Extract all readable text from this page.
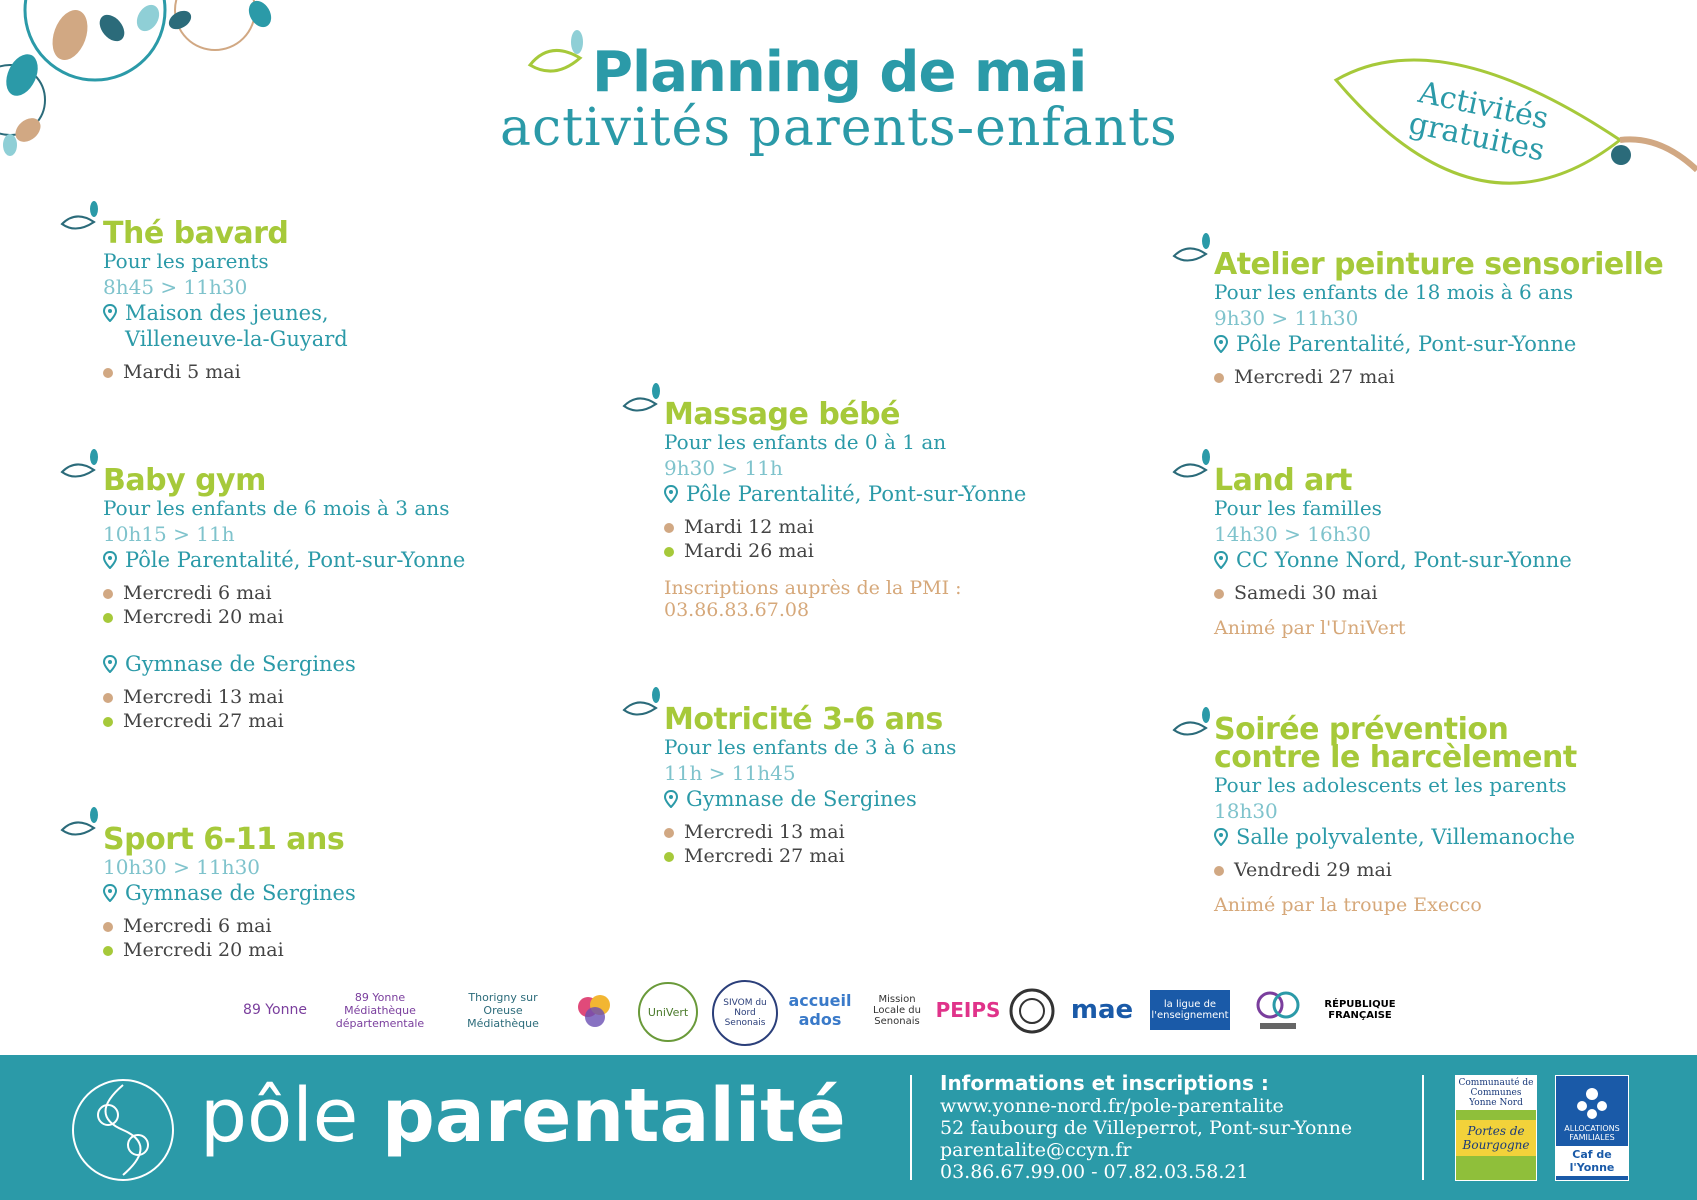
Planning de mai
activités parents-enfants	Activités gratuites
Thé bavard
Pour les parents
8h45 > 11h30
Maison des jeunes,
Villeneuve-la-Guyard
Mardi 5 mai
Baby gym
Pour les enfants de 6 mois à 3 ans
10h15 > 11h
Pôle Parentalité, Pont-sur-Yonne
Mercredi 6 mai
Mercredi 20 mai
Gymnase de Sergines
Mercredi 13 mai
Mercredi 27 mai
Sport 6-11 ans
10h30 > 11h30
Gymnase de Sergines
Mercredi 6 mai
Mercredi 20 mai
Massage bébé
Pour les enfants de 0 à 1 an
9h30 > 11h
Pôle Parentalité, Pont-sur-Yonne
Mardi 12 mai
Mardi 26 mai
Inscriptions auprès de la PMI :
03.86.83.67.08
Motricité 3-6 ans
Pour les enfants de 3 à 6 ans
11h > 11h45
Gymnase de Sergines
Mercredi 13 mai
Mercredi 27 mai
Atelier peinture sensorielle
Pour les enfants de 18 mois à 6 ans
9h30 > 11h30
Pôle Parentalité, Pont-sur-Yonne
Mercredi 27 mai
Land art
Pour les familles
14h30 > 16h30
CC Yonne Nord, Pont-sur-Yonne
Samedi 30 mai
Animé par l'UniVert
Soirée prévention
contre le harcèlement
Pour les adolescents et les parents
18h30
Salle polyvalente, Villemanoche
Vendredi 29 mai
Animé par la troupe Execco
89 Yonne
89 Yonne Médiathèque départementale
Thorigny sur Oreuse Médiathèque
UniVert
SIVOM du Nord Senonais
accueil ados
Mission Locale du Senonais PEIPS	mae	la ligue de l'enseignement
RÉPUBLIQUE FRANÇAISE
pôle parentalité	Informations et inscriptions :
www.yonne-nord.fr/pole-parentalite
52 faubourg de Villeperrot, Pont-sur-Yonne
parentalite@ccyn.fr
03.86.67.99.00 - 07.82.03.58.21
Communauté de Communes Yonne Nord
Portes de Bourgogne
ALLOCATIONS FAMILIALES
Caf de l'Yonne
